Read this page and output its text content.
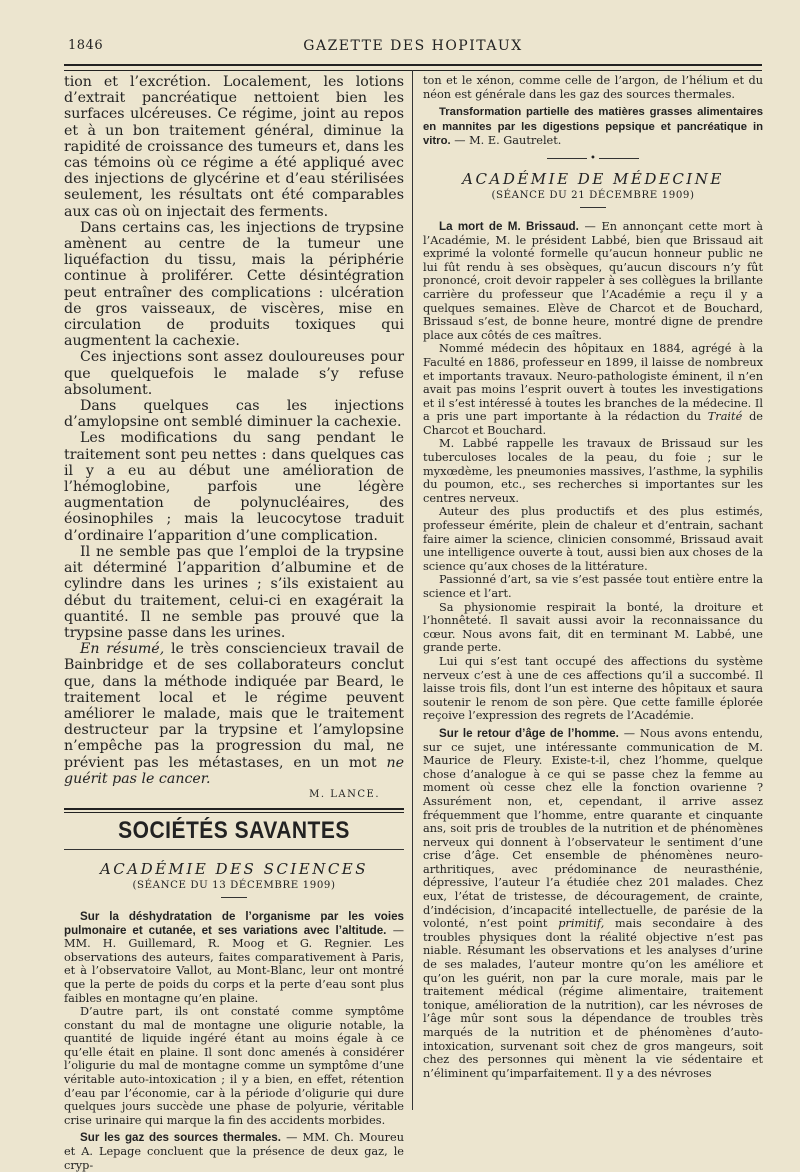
1846	GAZETTE DES HOPITAUX

tion et l’excrétion. Localement, les lotions d’extrait pancréatique nettoient bien les surfaces ulcéreuses. Ce régime, joint au repos et à un bon traitement général, diminue la rapidité de croissance des tumeurs et, dans les cas témoins où ce régime a été appliqué avec des injections de glycérine et d’eau stérilisées seulement, les résultats ont été comparables aux cas où on injectait des ferments.

Dans certains cas, les injections de trypsine amènent au centre de la tumeur une liquéfaction du tissu, mais la périphérie continue à proliférer. Cette désintégration peut entraîner des complications : ulcération de gros vaisseaux, de viscères, mise en circulation de produits toxiques qui augmentent la cachexie.

Ces injections sont assez douloureuses pour que quelquefois le malade s’y refuse absolument.

Dans quelques cas les injections d’amylopsine ont semblé diminuer la cachexie.

Les modifications du sang pendant le traitement sont peu nettes : dans quelques cas il y a eu au début une amélioration de l’hémoglobine, parfois une légère augmentation de polynucléaires, des éosinophiles ; mais la leucocytose traduit d’ordinaire l’apparition d’une complication.

Il ne semble pas que l’emploi de la trypsine ait déterminé l’apparition d’albumine et de cylindre dans les urines ; s’ils existaient au début du traitement, celui-ci en exagérait la quantité. Il ne semble pas prouvé que la trypsine passe dans les urines.

En résumé, le très consciencieux travail de Bainbridge et de ses collaborateurs conclut que, dans la méthode indiquée par Beard, le traitement local et le régime peuvent améliorer le malade, mais que le traitement destructeur par la trypsine et l’amylopsine n’empêche pas la progression du mal, ne prévient pas les métastases, en un mot ne guérit pas le cancer.

M. LANCE.
SOCIÉTÉS SAVANTES
ACADÉMIE DES SCIENCES
(SÉANCE DU 13 DÉCEMBRE 1909)

Sur la déshydratation de l’organisme par les voies pulmonaire et cutanée, et ses variations avec l’altitude. — MM. H. Guillemard, R. Moog et G. Regnier. Les observations des auteurs, faites comparativement à Paris, et à l’observatoire Vallot, au Mont-Blanc, leur ont montré que la perte de poids du corps et la perte d’eau sont plus faibles en montagne qu’en plaine.

D’autre part, ils ont constaté comme symptôme constant du mal de montagne une oligurie notable, la quantité de liquide ingéré étant au moins égale à ce qu’elle était en plaine. Il sont donc amenés à considérer l’oligurie du mal de montagne comme un symptôme d’une véritable auto-intoxication ; il y a bien, en effet, rétention d’eau par l’économie, car à la période d’oligurie qui dure quelques jours succède une phase de polyurie, véritable crise urinaire qui marque la fin des accidents morbides.

Sur les gaz des sources thermales. — MM. Ch. Moureu et A. Lepage concluent que la présence de deux gaz, le cryp-

ton et le xénon, comme celle de l’argon, de l’hélium et du néon est générale dans les gaz des sources thermales.

Transformation partielle des matières grasses alimentaires en mannites par les digestions pepsique et pancréatique in vitro. — M. E. Gautrelet.

•
ACADÉMIE DE MÉDECINE
(SÉANCE DU 21 DÉCEMBRE 1909)

La mort de M. Brissaud. — En annonçant cette mort à l’Académie, M. le président Labbé, bien que Brissaud ait exprimé la volonté formelle qu’aucun honneur public ne lui fût rendu à ses obsèques, qu’aucun discours n’y fût prononcé, croit devoir rappeler à ses collègues la brillante carrière du professeur que l’Académie a reçu il y a quelques semaines. Elève de Charcot et de Bouchard, Brissaud s’est, de bonne heure, montré digne de prendre place aux côtés de ces maîtres.

Nommé médecin des hôpitaux en 1884, agrégé à la Faculté en 1886, professeur en 1899, il laisse de nombreux et importants travaux. Neuro-pathologiste éminent, il n’en avait pas moins l’esprit ouvert à toutes les investigations et il s’est intéressé à toutes les branches de la médecine. Il a pris une part importante à la rédaction du Traité de Charcot et Bouchard.

M. Labbé rappelle les travaux de Brissaud sur les tuberculoses locales de la peau, du foie ; sur le myxœdème, les pneumonies massives, l’asthme, la syphilis du poumon, etc., ses recherches si importantes sur les centres nerveux.

Auteur des plus productifs et des plus estimés, professeur émérite, plein de chaleur et d’entrain, sachant faire aimer la science, clinicien consommé, Brissaud avait une intelligence ouverte à tout, aussi bien aux choses de la science qu’aux choses de la littérature.

Passionné d’art, sa vie s’est passée tout entière entre la science et l’art.

Sa physionomie respirait la bonté, la droiture et l’honnêteté. Il savait aussi avoir la reconnaissance du cœur. Nous avons fait, dit en terminant M. Labbé, une grande perte.

Lui qui s’est tant occupé des affections du système nerveux c’est à une de ces affections qu’il a succombé. Il laisse trois fils, dont l’un est interne des hôpitaux et saura soutenir le renom de son père. Que cette famille éplorée reçoive l’expression des regrets de l’Académie.

Sur le retour d’âge de l’homme. — Nous avons entendu, sur ce sujet, une intéressante communication de M. Maurice de Fleury. Existe-t-il, chez l’homme, quelque chose d’analogue à ce qui se passe chez la femme au moment où cesse chez elle la fonction ovarienne ? Assurément non, et, cependant, il arrive assez fréquemment que l’homme, entre quarante et cinquante ans, soit pris de troubles de la nutrition et de phénomènes nerveux qui donnent à l’observateur le sentiment d’une crise d’âge. Cet ensemble de phénomènes neuro-arthritiques, avec prédominance de neurasthénie, dépressive, l’auteur l’a étudiée chez 201 malades. Chez eux, l’état de tristesse, de découragement, de crainte, d’indécision, d’incapacité intellectuelle, de parésie de la volonté, n’est point primitif, mais secondaire à des troubles physiques dont la réalité objective n’est pas niable. Résumant les observations et les analyses d’urine de ses malades, l’auteur montre qu’on les améliore et qu’on les guérit, non par la cure morale, mais par le traitement médical (régime alimentaire, traitement tonique, amélioration de la nutrition), car les névroses de l’âge mûr sont sous la dépendance de troubles très marqués de la nutrition et de phénomènes d’auto-intoxication, survenant soit chez de gros mangeurs, soit chez des personnes qui mènent la vie sédentaire et n’éliminent qu’imparfaitement. Il y a des névroses
